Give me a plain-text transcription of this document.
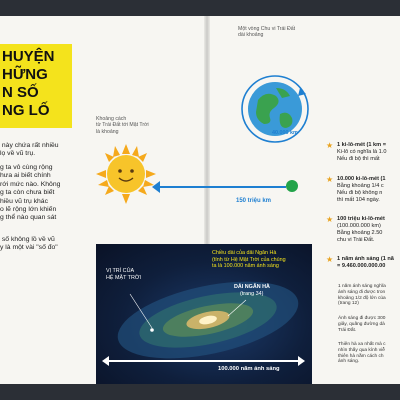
HUYỆN
HỮNG
N SỐ
NG LỐ
này chứa rất nhiều
lọ về vũ trụ.
g ta vô cùng rộng
hưa ai biết chính
rới mức nào. Không
g ta còn chưa biết
hiều vũ trụ khác
o lẽ rộng lớn khiến
g thể nào quan sát
số không lồ về vũ
y là một vài "số đo"
Một vòng Chu vi Trái Đất
dài khoảng
40.000 km
Khoảng cách
từ Trái Đất tới Mặt Trời
là khoảng
150 triệu km
VỊ TRÍ CỦA
HỆ MẶT TRỜI
Chiều dài của dải Ngân Hà
(tính từ Hệ Mặt Trời của chúng
ta là 100.000 năm ánh sáng
DẢI NGÂN HÀ
(trang 34)
100.000 năm ánh sáng
★ 1 ki-lô-mét (1 km =
Ki-lô có nghĩa là 1.0
Nếu đi bộ thì mất
★ 10.000 ki-lô-mét (1
Bằng khoảng 1/4 c
Nếu đi bộ không n
thì mất 104 ngày.
★ 100 triệu ki-lô-mét
(100.000.000 km)
Bằng khoảng 2.50
chu vi Trái Đất.
★ 1 năm ánh sáng (1 nă
= 9.460.000.000.00
1 năm ánh sáng nghĩa
ánh sáng đi được tron
khoảng 1/2 độ lớn của
(trang 12)
Ánh sáng đi được 300
giây, quãng đường dà
Trái Đất.
Thiên hà xa nhất mà c
nhìn thấy qua kính viễ
thiên hà nằm cách ch
ánh sáng.
